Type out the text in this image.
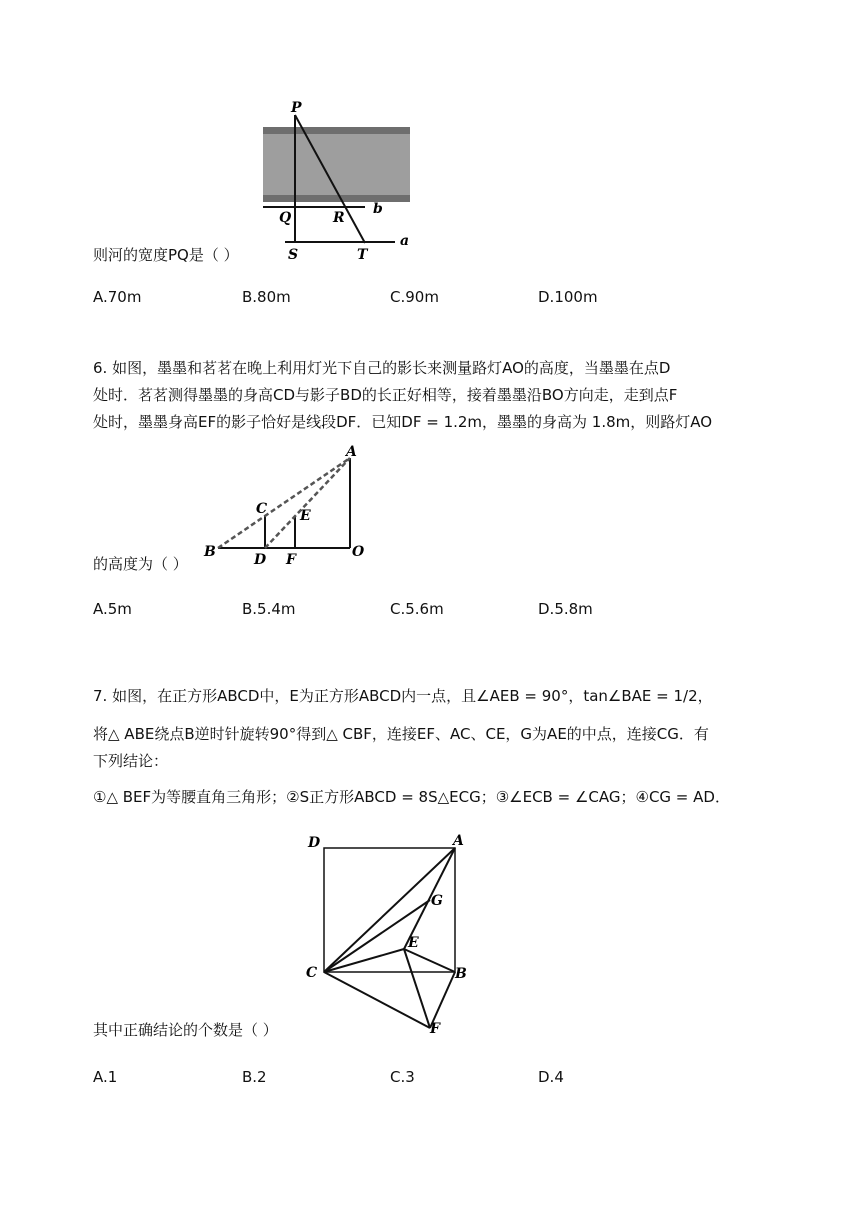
P
Q	R
b
S	T
a
则河的宽度PQ是（ ）
A.70m	B.80m	C.90m	D.100m
6. 如图，墨墨和茗茗在晚上利用灯光下自己的影长来测量路灯AO的高度，当墨墨在点D
处时．茗茗测得墨墨的身高CD与影子BD的长正好相等，接着墨墨沿BO方向走，走到点F
处时，墨墨身高EF的影子恰好是线段DF．已知DF = 1.2m，墨墨的身高为 1.8m，则路灯AO
A
C E
B	D F	O
的高度为（ ）
A.5m	B.5.4m	C.5.6m	D.5.8m
7. 如图，在正方形ABCD中，E为正方形ABCD内一点，且∠AEB = 90°，tan∠BAE = 1/2，
将△ ABE绕点B逆时针旋转90°得到△ CBF，连接EF、AC、CE，G为AE的中点，连接CG．有
下列结论：
①△ BEF为等腰直角三角形；②S正方形ABCD = 8S△ECG；③∠ECB = ∠CAG；④CG = AD．
D	A
G
E
C	B
F
其中正确结论的个数是（ ）
A.1	B.2	C.3	D.4
